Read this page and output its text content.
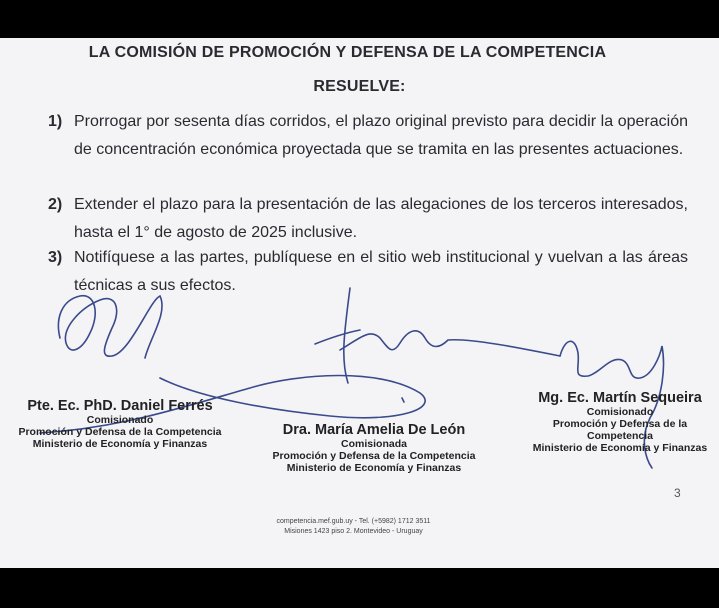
LA COMISIÓN DE PROMOCIÓN Y DEFENSA DE LA COMPETENCIA
RESUELVE:
1) Prorrogar por sesenta días corridos, el plazo original previsto para decidir la operación de concentración económica proyectada que se tramita en las presentes actuaciones.
2) Extender el plazo para la presentación de las alegaciones de los terceros interesados, hasta el 1° de agosto de 2025 inclusive.
3) Notifíquese a las partes, publíquese en el sitio web institucional y vuelvan a las áreas técnicas a sus efectos.
Pte. Ec. PhD. Daniel Ferrés
Comisionado
Promoción y Defensa de la Competencia
Ministerio de Economía y Finanzas
Dra. María Amelia De León
Comisionada
Promoción y Defensa de la Competencia
Ministerio de Economía y Finanzas
Mg. Ec. Martín Sequeira
Comisionado
Promoción y Defensa de la Competencia
Ministerio de Economía y Finanzas
3
competencia.mef.gub.uy - Tel. (+5982) 1712 3511
Misiones 1423 piso 2. Montevideo - Uruguay
